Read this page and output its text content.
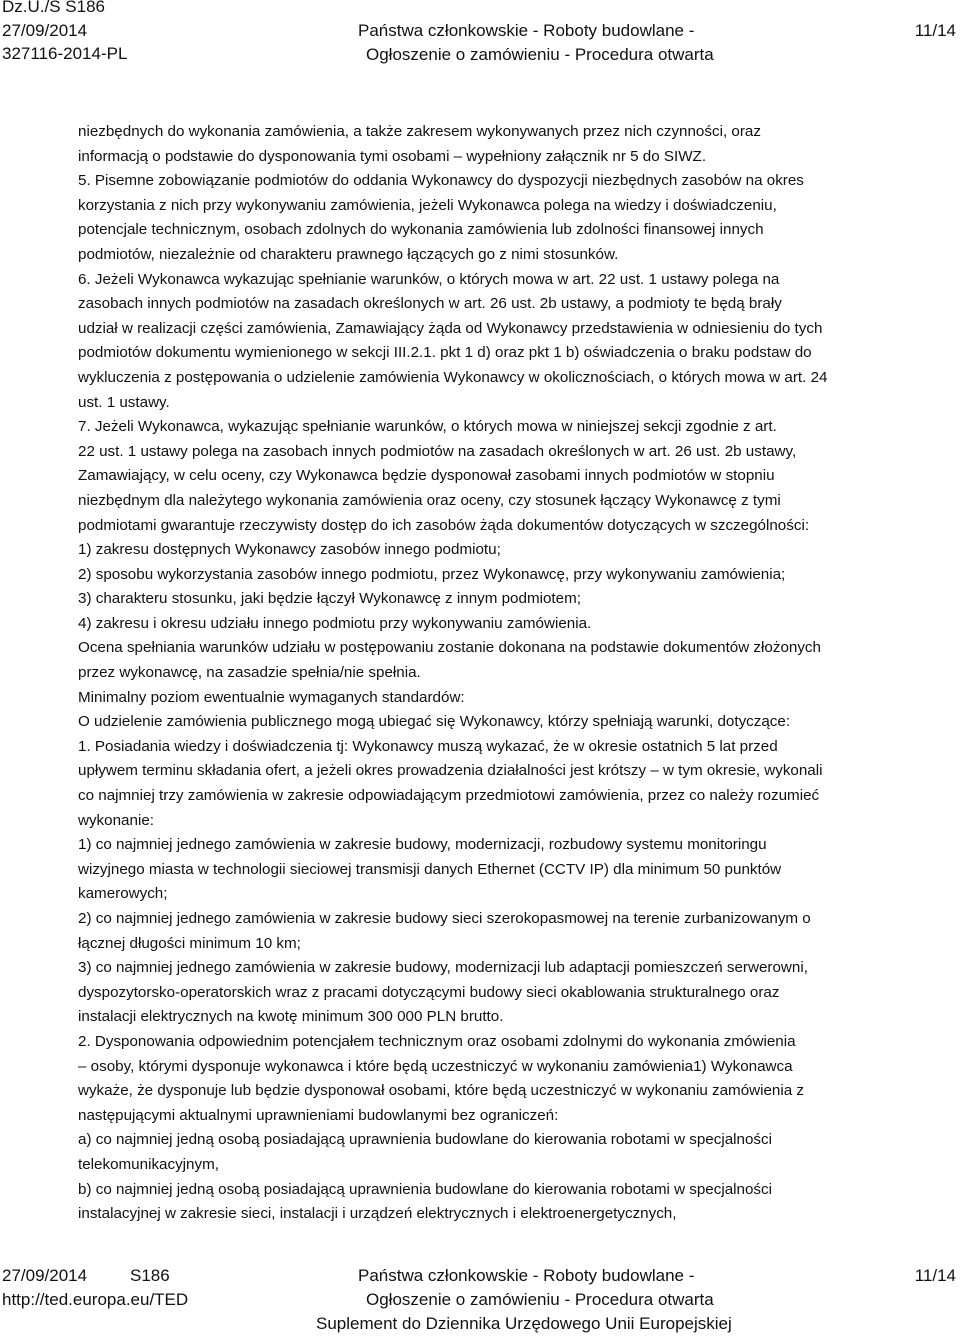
Dz.U./S S186
27/09/2014
327116-2014-PL
Państwa członkowskie - Roboty budowlane -
Ogłoszenie o zamówieniu - Procedura otwarta
11/14

niezbędnych do wykonania zamówienia, a także zakresem wykonywanych przez nich czynności, oraz

informacją o podstawie do dysponowania tymi osobami – wypełniony załącznik nr 5 do SIWZ.

5. Pisemne zobowiązanie podmiotów do oddania Wykonawcy do dyspozycji niezbędnych zasobów na okres

korzystania z nich przy wykonywaniu zamówienia, jeżeli Wykonawca polega na wiedzy i doświadczeniu,

potencjale technicznym, osobach zdolnych do wykonania zamówienia lub zdolności finansowej innych

podmiotów, niezależnie od charakteru prawnego łączących go z nimi stosunków.

6. Jeżeli Wykonawca wykazując spełnianie warunków, o których mowa w art. 22 ust. 1 ustawy polega na

zasobach innych podmiotów na zasadach określonych w art. 26 ust. 2b ustawy, a podmioty te będą brały

udział w realizacji części zamówienia, Zamawiający żąda od Wykonawcy przedstawienia w odniesieniu do tych

podmiotów dokumentu wymienionego w sekcji III.2.1. pkt 1 d) oraz pkt 1 b) oświadczenia o braku podstaw do

wykluczenia z postępowania o udzielenie zamówienia Wykonawcy w okolicznościach, o których mowa w art. 24

ust. 1 ustawy.

7. Jeżeli Wykonawca, wykazując spełnianie warunków, o których mowa w niniejszej sekcji zgodnie z art.

22 ust. 1 ustawy polega na zasobach innych podmiotów na zasadach określonych w art. 26 ust. 2b ustawy,

Zamawiający, w celu oceny, czy Wykonawca będzie dysponował zasobami innych podmiotów w stopniu

niezbędnym dla należytego wykonania zamówienia oraz oceny, czy stosunek łączący Wykonawcę z tymi

podmiotami gwarantuje rzeczywisty dostęp do ich zasobów żąda dokumentów dotyczących w szczególności:

1) zakresu dostępnych Wykonawcy zasobów innego podmiotu;

2) sposobu wykorzystania zasobów innego podmiotu, przez Wykonawcę, przy wykonywaniu zamówienia;

3) charakteru stosunku, jaki będzie łączył Wykonawcę z innym podmiotem;

4) zakresu i okresu udziału innego podmiotu przy wykonywaniu zamówienia.

Ocena spełniania warunków udziału w postępowaniu zostanie dokonana na podstawie dokumentów złożonych

przez wykonawcę, na zasadzie spełnia/nie spełnia.

Minimalny poziom ewentualnie wymaganych standardów:

O udzielenie zamówienia publicznego mogą ubiegać się Wykonawcy, którzy spełniają warunki, dotyczące:

1. Posiadania wiedzy i doświadczenia tj: Wykonawcy muszą wykazać, że w okresie ostatnich 5 lat przed

upływem terminu składania ofert, a jeżeli okres prowadzenia działalności jest krótszy – w tym okresie, wykonali

co najmniej trzy zamówienia w zakresie odpowiadającym przedmiotowi zamówienia, przez co należy rozumieć

wykonanie:

1) co najmniej jednego zamówienia w zakresie budowy, modernizacji, rozbudowy systemu monitoringu

wizyjnego miasta w technologii sieciowej transmisji danych Ethernet (CCTV IP) dla minimum 50 punktów

kamerowych;

2) co najmniej jednego zamówienia w zakresie budowy sieci szerokopasmowej na terenie zurbanizowanym o

łącznej długości minimum 10 km;

3) co najmniej jednego zamówienia w zakresie budowy, modernizacji lub adaptacji pomieszczeń serwerowni,

dyspozytorsko-operatorskich wraz z pracami dotyczącymi budowy sieci okablowania strukturalnego oraz

instalacji elektrycznych na kwotę minimum 300 000 PLN brutto.

2. Dysponowania odpowiednim potencjałem technicznym oraz osobami zdolnymi do wykonania zmówienia

– osoby, którymi dysponuje wykonawca i które będą uczestniczyć w wykonaniu zamówienia1) Wykonawca

wykaże, że dysponuje lub będzie dysponował osobami, które będą uczestniczyć w wykonaniu zamówienia z

następującymi aktualnymi uprawnieniami budowlanymi bez ograniczeń:

a) co najmniej jedną osobą posiadającą uprawnienia budowlane do kierowania robotami w specjalności

telekomunikacyjnym,

b) co najmniej jedną osobą posiadającą uprawnienia budowlane do kierowania robotami w specjalności

instalacyjnej w zakresie sieci, instalacji i urządzeń elektrycznych i elektroenergetycznych,

27/09/2014	S186
http://ted.europa.eu/TED
Państwa członkowskie - Roboty budowlane -
Ogłoszenie o zamówieniu - Procedura otwarta
Suplement do Dziennika Urzędowego Unii Europejskiej
11/14
